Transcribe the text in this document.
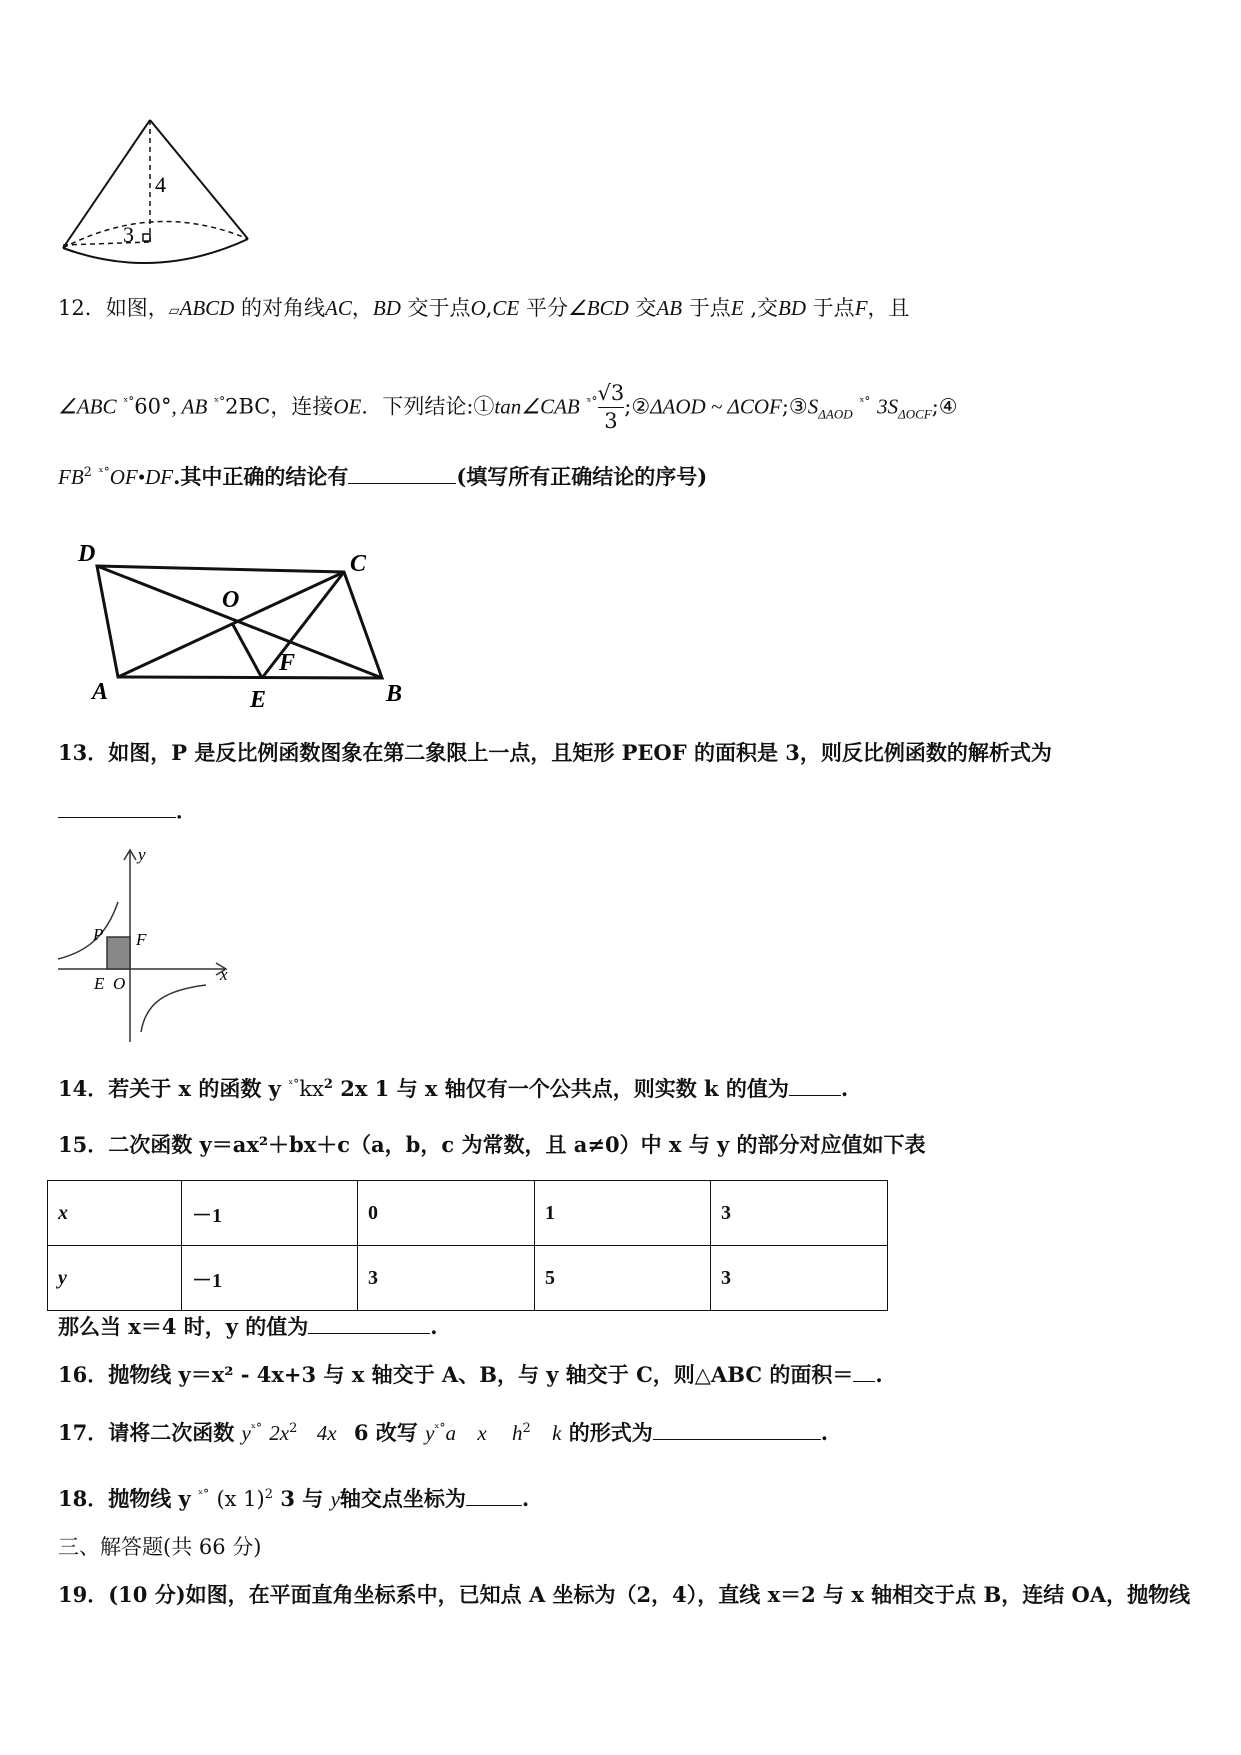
4
3
12．如图，▱ABCD 的对角线AC，BD 交于点O,CE 平分∠BCD 交AB 于点E ,交BD 于点F，且
∠ABC $^{ˣ^\circ}$60°, AB $^{ˣ^\circ}$2BC，连接OE．下列结论:①tan∠CAB $^{ˣ^\circ} \frac{√3}{3}$ ;②ΔAOD ~ $\Delta COF;③S_{\Delta AOD}$ $^{ˣ^\circ}$ $3S_{\Delta OCF};④$
$FB^2$ $^{ˣ^\circ}$OF•DF.其中正确的结论有	(填写所有正确结论的序号)
D	C
O
A	E
F
B
13．如图，P 是反比例函数图象在第二象限上一点，且矩形 PEOF 的面积是 3，则反比例函数的解析式为
．
y
x
P F
E O
14．若关于 x 的函数 y $^{ˣ^\circ}kx^2$ 2x 1 与 x 轴仅有一个公共点，则实数 k 的值为 .
15．二次函数 y＝ax²＋bx＋c（a，b，c 为常数，且 a≠0）中 x 与 y 的部分对应值如下表
x	－1	0	1	3
y	－1	3	5	3
那么当 x＝4 时，y 的值为	.
16．抛物线 y＝x² - 4x+3 与 x 轴交于 A、B，与 y 轴交于 C，则△ABC 的面积＝ .
17．请将二次函数 $y^{ˣ^\circ}$ $2x^2$ 4x 6 改写 $y^{ˣ^\circ}a$ x $h^2$ k 的形式为	.
18．抛物线 y $^{ˣ^\circ}$ (x 1)$^2$ 3 与 y轴交点坐标为	.
三、解答题(共 66 分)
19．(10 分)如图，在平面直角坐标系中，已知点 A 坐标为（2，4），直线 x＝2 与 x 轴相交于点 B，连结 OA，抛物线
